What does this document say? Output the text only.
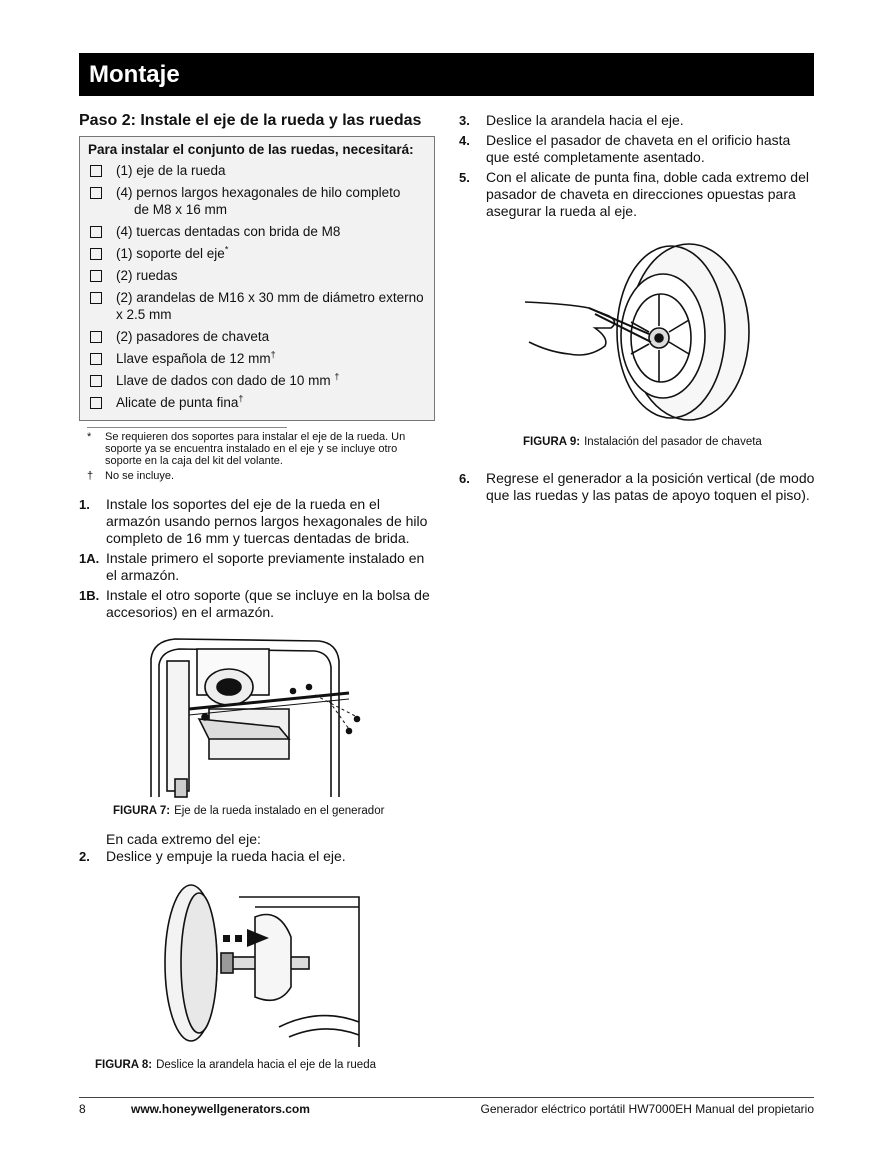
Montaje
Paso 2: Instale el eje de la rueda y las ruedas
Para instalar el conjunto de las ruedas, necesitará:
(1) eje de la rueda
(4) pernos largos hexagonales de hilo completo
de M8 x 16 mm
(4) tuercas dentadas con brida de M8
(1) soporte del eje*
(2) ruedas
(2) arandelas de M16 x 30 mm de diámetro externo x 2.5 mm
(2) pasadores de chaveta
Llave española de 12 mm†
Llave de dados con dado de 10 mm †
Alicate de punta fina†
*	Se requieren dos soportes para instalar el eje de la rueda. Un soporte ya se encuentra instalado en el eje y se incluye otro soporte en la caja del kit del volante.
†	No se incluye.
1.	Instale los soportes del eje de la rueda en el armazón usando pernos largos hexagonales de hilo completo de 16 mm y tuercas dentadas de brida.
1A. Instale primero el soporte previamente instalado en el armazón.
1B. Instale el otro soporte (que se incluye en la bolsa de accesorios) en el armazón.
FIGURA 7: Eje de la rueda instalado en el generador
En cada extremo del eje:
2.	Deslice y empuje la rueda hacia el eje.
FIGURA 8: Deslice la arandela hacia el eje de la rueda
3.	Deslice la arandela hacia el eje.
4.	Deslice el pasador de chaveta en el orificio hasta que esté completamente asentado.
5.	Con el alicate de punta fina, doble cada extremo del pasador de chaveta en direcciones opuestas para asegurar la rueda al eje.
FIGURA 9: Instalación del pasador de chaveta
6.	Regrese el generador a la posición vertical (de modo que las ruedas y las patas de apoyo toquen el piso).
8	www.honeywellgenerators.com	Generador eléctrico portátil HW7000EH Manual del propietario
